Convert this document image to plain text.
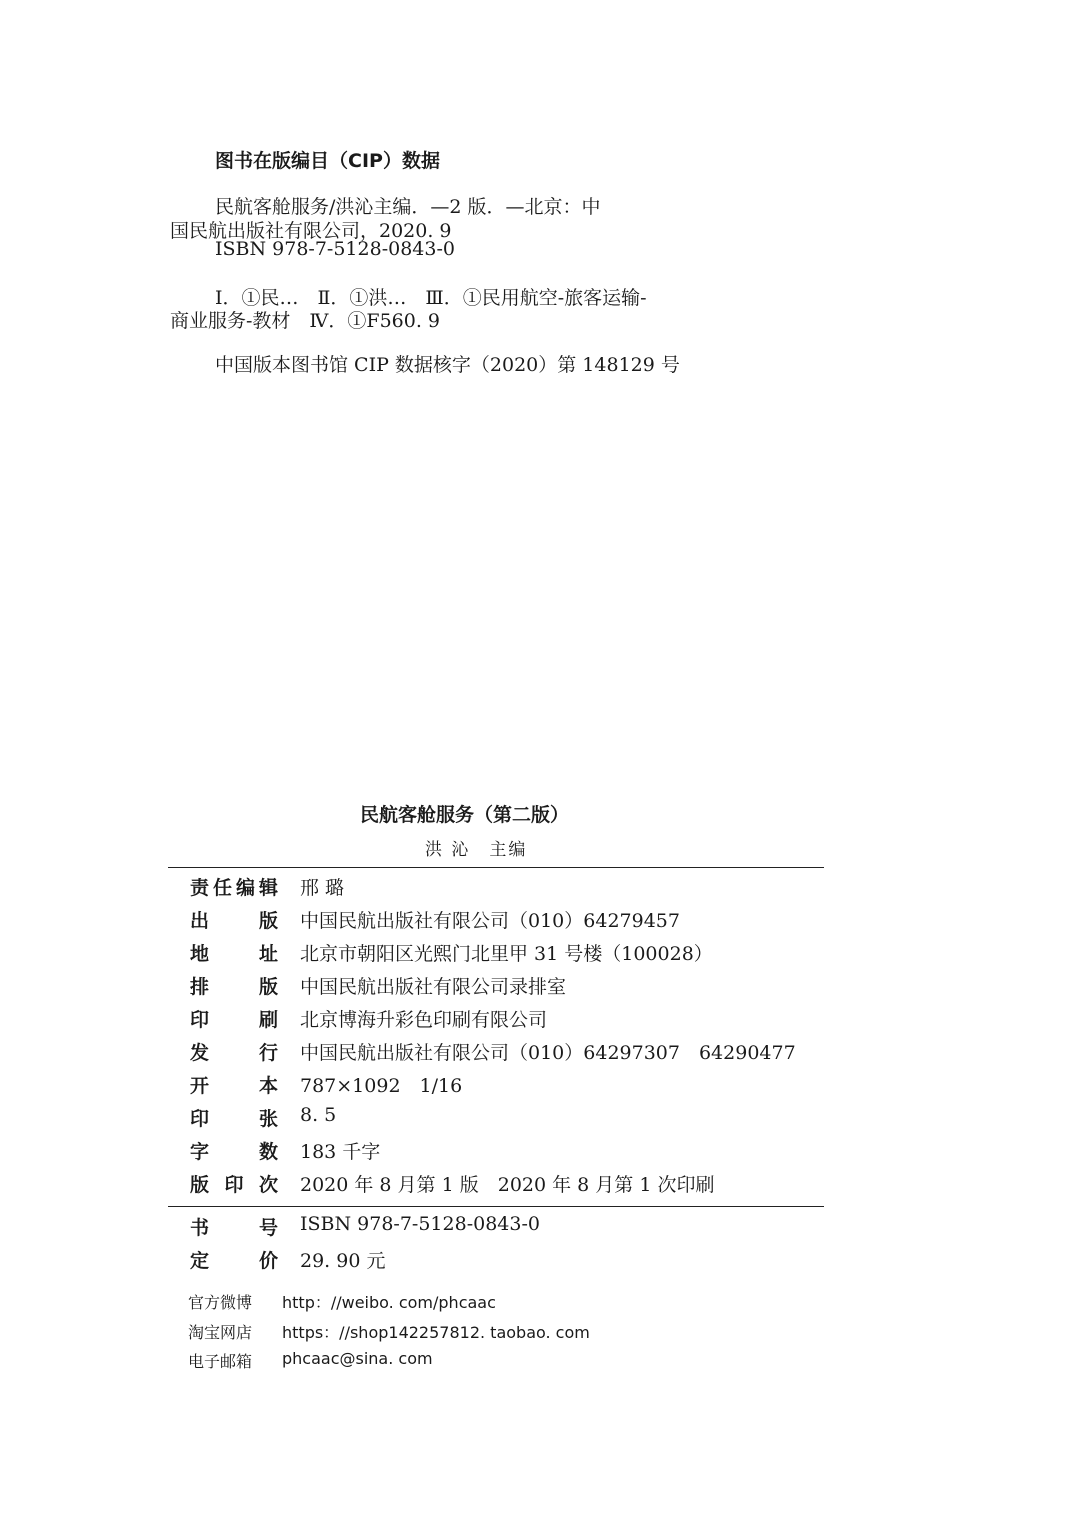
图书在版编目（CIP）数据
民航客舱服务/洪沁主编．—2 版．—北京：中
国民航出版社有限公司，2020. 9
ISBN 978-7-5128-0843-0
Ⅰ．①民…　Ⅱ．①洪…　Ⅲ．①民用航空-旅客运输-
商业服务-教材　Ⅳ．①F560. 9
中国版本图书馆 CIP 数据核字（2020）第 148129 号
民航客舱服务（第二版）
洪 沁　主编
责任编辑 邢 璐
出版 中国民航出版社有限公司（010）64279457
地址 北京市朝阳区光熙门北里甲 31 号楼（100028）
排版 中国民航出版社有限公司录排室
印刷 北京博海升彩色印刷有限公司
发行 中国民航出版社有限公司（010）64297307　64290477
开本 787×1092　1/16
印张 8. 5
字数 183 千字
版印次 2020 年 8 月第 1 版　2020 年 8 月第 1 次印刷
书号 ISBN 978-7-5128-0843-0
定价 29. 90 元
官方微博	http：//weibo. com/phcaac
淘宝网店	https：//shop142257812. taobao. com
电子邮箱	phcaac@sina. com
